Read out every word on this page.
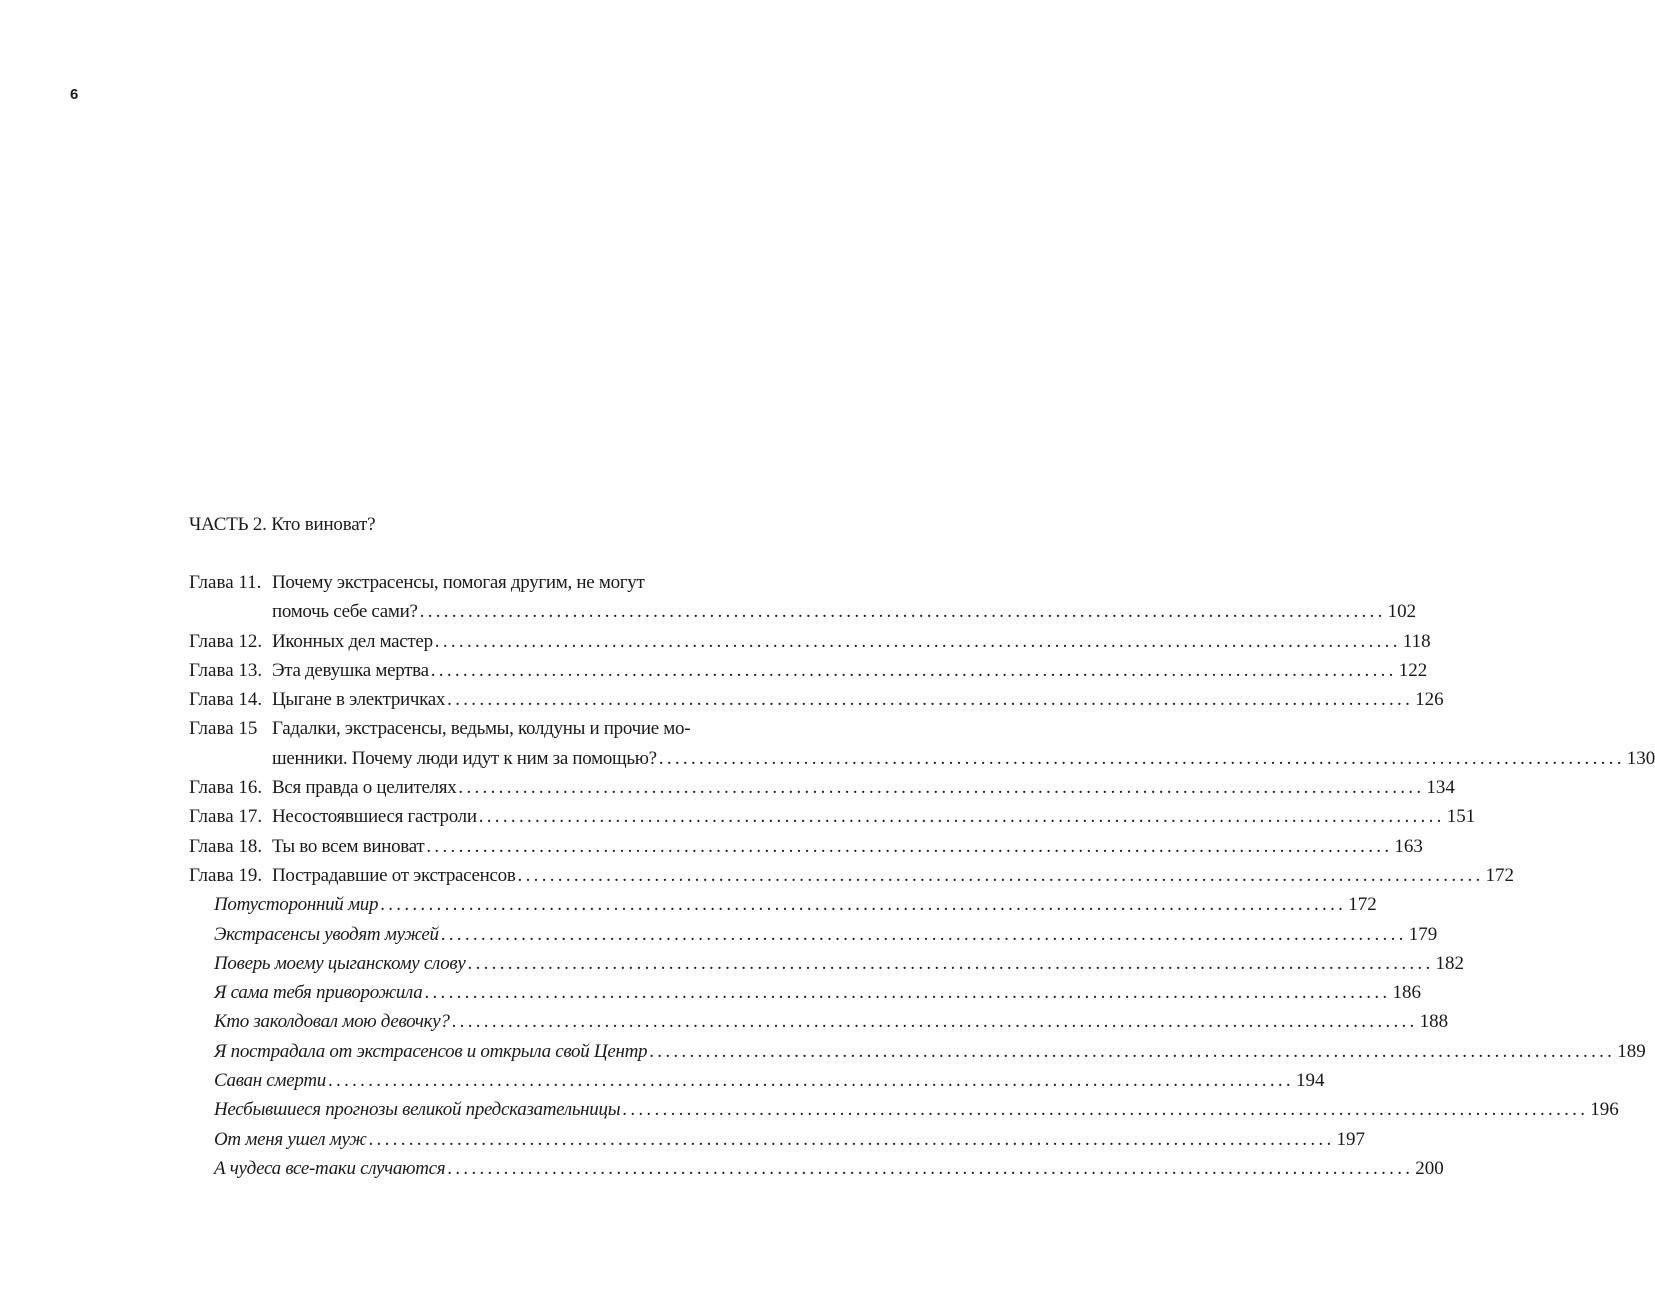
6
ЧАСТЬ 2. Кто виноват?
Глава 11. Почему экстрасенсы, помогая другим, не могут
помочь себе сами? ........................................................................................................................ 102
Глава 12. Иконных дел мастер ........................................................................................................................ 118
Глава 13. Эта девушка мертва ........................................................................................................................ 122
Глава 14. Цыгане в электричках ........................................................................................................................ 126
Глава 15 Гадалки, экстрасенсы, ведьмы, колдуны и прочие мо-
шенники. Почему люди идут к ним за помощью? ........................................................................................................................ 130
Глава 16. Вся правда о целителях ........................................................................................................................ 134
Глава 17. Несостоявшиеся гастроли ........................................................................................................................ 151
Глава 18. Ты во всем виноват ........................................................................................................................ 163
Глава 19. Пострадавшие от экстрасенсов ........................................................................................................................ 172
Потусторонний мир ........................................................................................................................ 172
Экстрасенсы уводят мужей ........................................................................................................................ 179
Поверь моему цыганскому слову ........................................................................................................................ 182
Я сама тебя приворожила ........................................................................................................................ 186
Кто заколдовал мою девочку? ........................................................................................................................ 188
Я пострадала от экстрасенсов и открыла свой Центр ........................................................................................................................ 189
Саван смерти ........................................................................................................................ 194
Несбывшиеся прогнозы великой предсказательницы ........................................................................................................................ 196
От меня ушел муж ........................................................................................................................ 197
А чудеса все-таки случаются ........................................................................................................................ 200
